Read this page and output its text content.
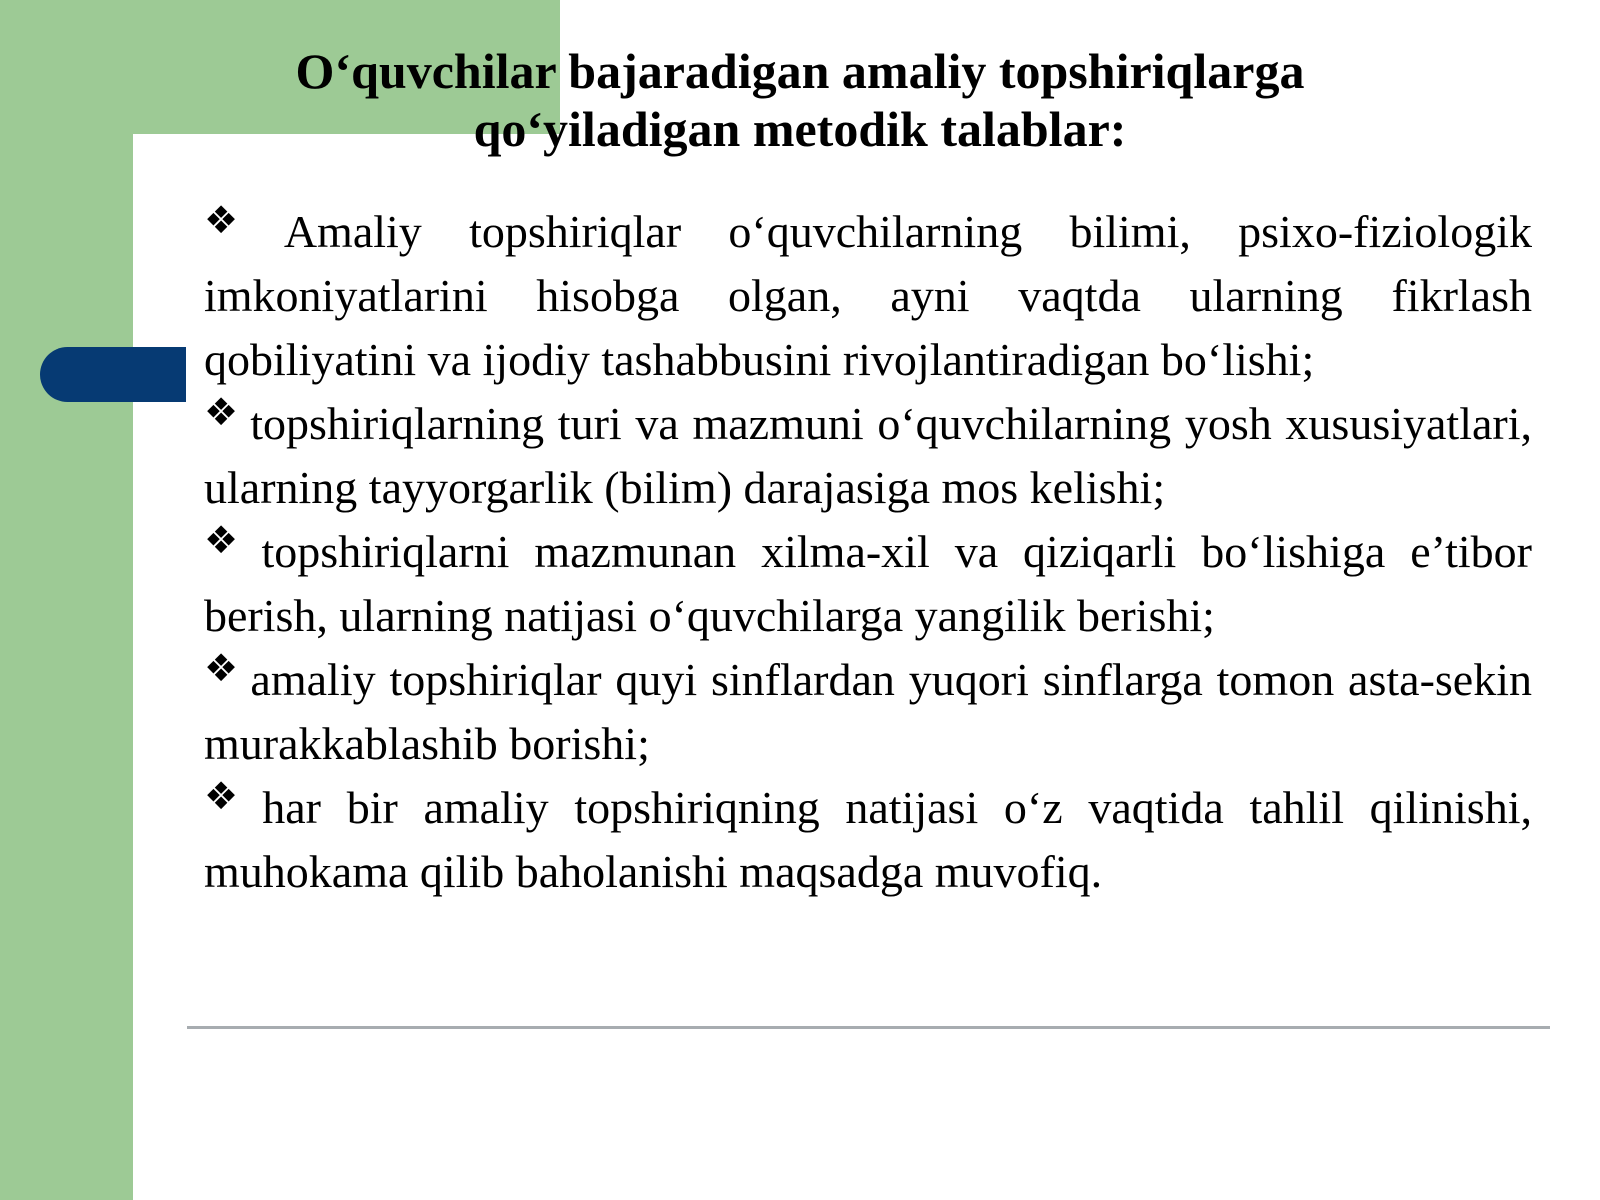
O‘quvchilar bajaradigan amaliy topshiriqlarga
qo‘yiladigan metodik talablar:
❖ Amaliy topshiriqlar o‘quvchilarning bilimi, psixo-fiziologik imkoniyatlarini hisobga olgan, ayni vaqtda ularning fikrlash qobiliyatini va ijodiy tashabbusini rivojlantiradigan bo‘lishi;
❖ topshiriqlarning turi va mazmuni o‘quvchilarning yosh xususiyatlari, ularning tayyorgarlik (bilim) darajasiga mos kelishi;
❖ topshiriqlarni mazmunan xilma-xil va qiziqarli bo‘lishiga e’tibor berish, ularning natijasi o‘quvchilarga yangilik berishi;
❖ amaliy topshiriqlar quyi sinflardan yuqori sinflarga tomon asta-sekin murakkablashib borishi;
❖ har bir amaliy topshiriqning natijasi o‘z vaqtida tahlil qilinishi, muhokama qilib baholanishi maqsadga muvofiq.
